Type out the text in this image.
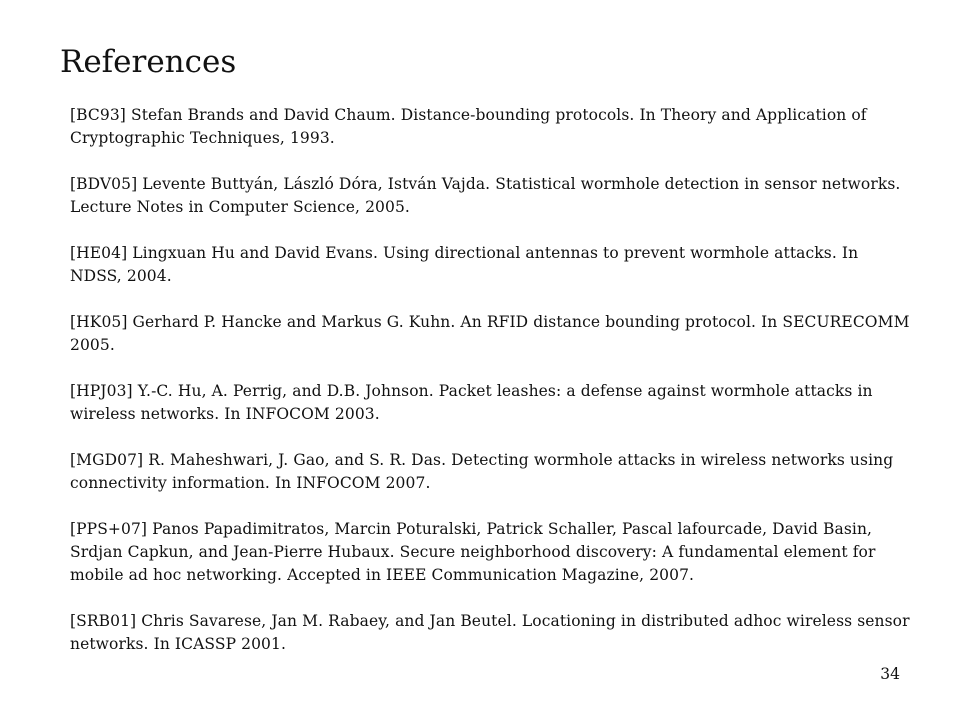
References
[BC93] Stefan Brands and David Chaum. Distance-bounding protocols. In Theory and Application of Cryptographic Techniques, 1993.
[BDV05] Levente Buttyán, László Dóra, István Vajda. Statistical wormhole detection in sensor networks. Lecture Notes in Computer Science, 2005.
[HE04] Lingxuan Hu and David Evans. Using directional antennas to prevent wormhole attacks. In NDSS, 2004.
[HK05] Gerhard P. Hancke and Markus G. Kuhn. An RFID distance bounding protocol. In SECURECOMM 2005.
[HPJ03] Y.-C. Hu, A. Perrig, and D.B. Johnson. Packet leashes: a defense against wormhole attacks in wireless networks. In INFOCOM 2003.
[MGD07] R. Maheshwari, J. Gao, and S. R. Das. Detecting wormhole attacks in wireless networks using connectivity information. In INFOCOM 2007.
[PPS+07] Panos Papadimitratos, Marcin Poturalski, Patrick Schaller, Pascal lafourcade, David Basin, Srdjan Capkun, and Jean-Pierre Hubaux. Secure neighborhood discovery: A fundamental element for mobile ad hoc networking. Accepted in IEEE Communication Magazine, 2007.
[SRB01] Chris Savarese, Jan M. Rabaey, and Jan Beutel. Locationing in distributed adhoc wireless sensor networks. In ICASSP 2001.
34
